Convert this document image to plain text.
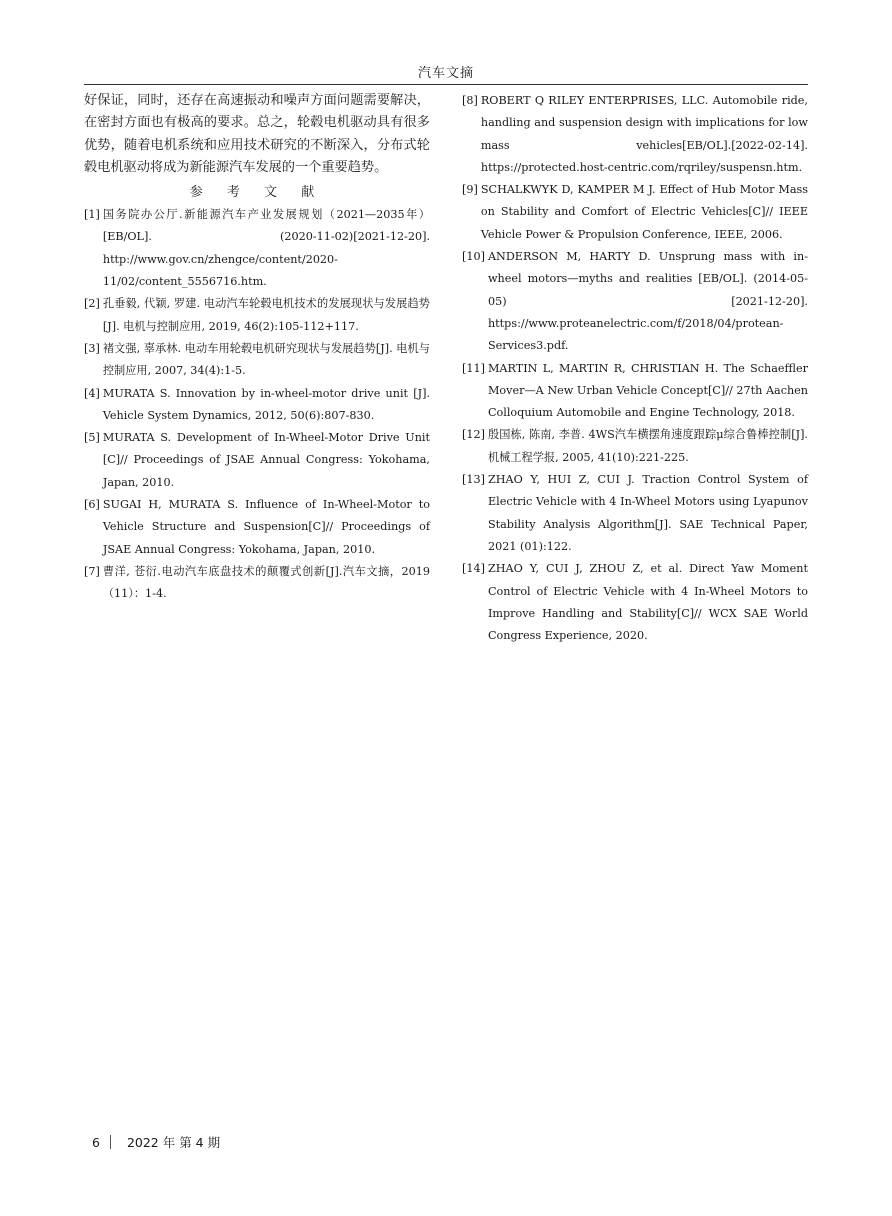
汽车文摘

好保证，同时，还存在高速振动和噪声方面问题需要解决，在密封方面也有极高的要求。总之，轮毂电机驱动具有很多优势，随着电机系统和应用技术研究的不断深入，分布式轮毂电机驱动将成为新能源汽车发展的一个重要趋势。

参 考 文 献
[1] 国务院办公厅.新能源汽车产业发展规划（2021—2035年）[EB/OL]. (2020-11-02)[2021-12-20]. http://www.gov.cn/zhengce/content/2020-11/02/content_5556716.htm.
[2] 孔垂毅, 代颖, 罗建. 电动汽车轮毂电机技术的发展现状与发展趋势[J]. 电机与控制应用, 2019, 46(2):105-112+117.
[3] 褚文强, 辜承林. 电动车用轮毂电机研究现状与发展趋势[J]. 电机与控制应用, 2007, 34(4):1-5.
[4] MURATA S. Innovation by in-wheel-motor drive unit [J]. Vehicle System Dynamics, 2012, 50(6):807-830.
[5] MURATA S. Development of In-Wheel-Motor Drive Unit [C]// Proceedings of JSAE Annual Congress: Yokohama, Japan, 2010.
[6] SUGAI H, MURATA S. Influence of In-Wheel-Motor to Vehicle Structure and Suspension[C]// Proceedings of JSAE Annual Congress: Yokohama, Japan, 2010.
[7] 曹洋, 苍衍.电动汽车底盘技术的颠覆式创新[J].汽车文摘，2019（11）：1-4.
[8] ROBERT Q RILEY ENTERPRISES, LLC. Automobile ride, handling and suspension design with implications for low mass vehicles[EB/OL].[2022-02-14]. https://protected.host-centric.com/rqriley/suspensn.htm.
[9] SCHALKWYK D, KAMPER M J. Effect of Hub Motor Mass on Stability and Comfort of Electric Vehicles[C]// IEEE Vehicle Power & Propulsion Conference, IEEE, 2006.
[10] ANDERSON M, HARTY D. Unsprung mass with in-wheel motors—myths and realities [EB/OL]. (2014-05-05) [2021-12-20]. https://www.proteanelectric.com/f/2018/04/protean-Services3.pdf.
[11] MARTIN L, MARTIN R, CHRISTIAN H. The Schaeffler Mover—A New Urban Vehicle Concept[C]// 27th Aachen Colloquium Automobile and Engine Technology, 2018.
[12] 殷国栋, 陈南, 李普. 4WS汽车横摆角速度跟踪μ综合鲁棒控制[J]. 机械工程学报, 2005, 41(10):221-225.
[13] ZHAO Y, HUI Z, CUI J. Traction Control System of Electric Vehicle with 4 In-Wheel Motors using Lyapunov Stability Analysis Algorithm[J]. SAE Technical Paper, 2021 (01):122.
[14] ZHAO Y, CUI J, ZHOU Z, et al. Direct Yaw Moment Control of Electric Vehicle with 4 In-Wheel Motors to Improve Handling and Stability[C]// WCX SAE World Congress Experience, 2020.
6 2022 年 第 4 期
